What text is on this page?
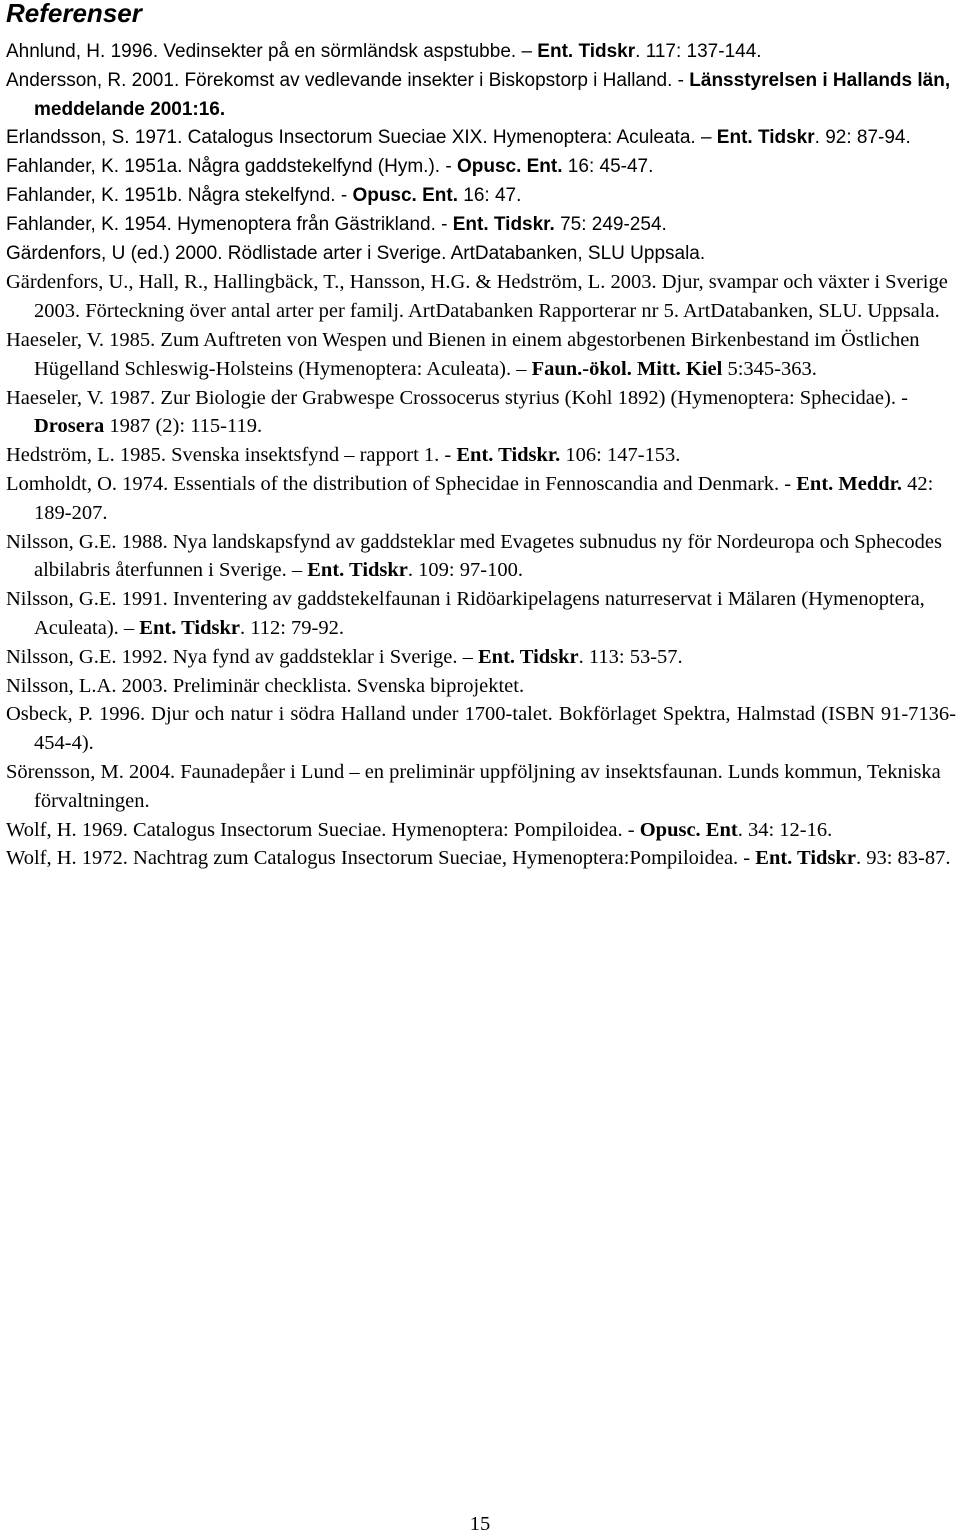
Referenser

Ahnlund, H. 1996. Vedinsekter på en sörmländsk aspstubbe. – Ent. Tidskr. 117: 137-144.

Andersson, R. 2001. Förekomst av vedlevande insekter i Biskopstorp i Halland. - Länsstyrelsen i Hallands län, meddelande 2001:16.

Erlandsson, S. 1971. Catalogus Insectorum Sueciae XIX. Hymenoptera: Aculeata. – Ent. Tidskr. 92: 87-94.

Fahlander, K. 1951a. Några gaddstekelfynd (Hym.). - Opusc. Ent. 16: 45-47.

Fahlander, K. 1951b. Några stekelfynd. - Opusc. Ent. 16: 47.

Fahlander, K. 1954. Hymenoptera från Gästrikland. - Ent. Tidskr. 75: 249-254.

Gärdenfors, U (ed.) 2000. Rödlistade arter i Sverige. ArtDatabanken, SLU Uppsala.

Gärdenfors, U., Hall, R., Hallingbäck, T., Hansson, H.G. & Hedström, L. 2003. Djur, svampar och växter i Sverige 2003. Förteckning över antal arter per familj. ArtDatabanken Rapporterar nr 5. ArtDatabanken, SLU. Uppsala.

Haeseler, V. 1985. Zum Auftreten von Wespen und Bienen in einem abgestorbenen Birkenbestand im Östlichen Hügelland Schleswig-Holsteins (Hymenoptera: Aculeata). – Faun.-ökol. Mitt. Kiel 5:345-363.

Haeseler, V. 1987. Zur Biologie der Grabwespe Crossocerus styrius (Kohl 1892) (Hymenoptera: Sphecidae). - Drosera 1987 (2): 115-119.

Hedström, L. 1985. Svenska insektsfynd – rapport 1. - Ent. Tidskr. 106: 147-153.

Lomholdt, O. 1974. Essentials of the distribution of Sphecidae in Fennoscandia and Denmark. - Ent. Meddr. 42: 189-207.

Nilsson, G.E. 1988. Nya landskapsfynd av gaddsteklar med Evagetes subnudus ny för Nordeuropa och Sphecodes albilabris återfunnen i Sverige. – Ent. Tidskr. 109: 97-100.

Nilsson, G.E. 1991. Inventering av gaddstekelfaunan i Ridöarkipelagens naturreservat i Mälaren (Hymenoptera, Aculeata). – Ent. Tidskr. 112: 79-92.

Nilsson, G.E. 1992. Nya fynd av gaddsteklar i Sverige. – Ent. Tidskr. 113: 53-57.

Nilsson, L.A. 2003. Preliminär checklista. Svenska biprojektet.

Osbeck, P. 1996. Djur och natur i södra Halland under 1700-talet. Bokförlaget Spektra, Halmstad (ISBN 91-7136-454-4).

Sörensson, M. 2004. Faunadepåer i Lund – en preliminär uppföljning av insektsfaunan. Lunds kommun, Tekniska förvaltningen.

Wolf, H. 1969. Catalogus Insectorum Sueciae. Hymenoptera: Pompiloidea. - Opusc. Ent. 34: 12-16.

Wolf, H. 1972. Nachtrag zum Catalogus Insectorum Sueciae, Hymenoptera:Pompiloidea. - Ent. Tidskr. 93: 83-87.

15
